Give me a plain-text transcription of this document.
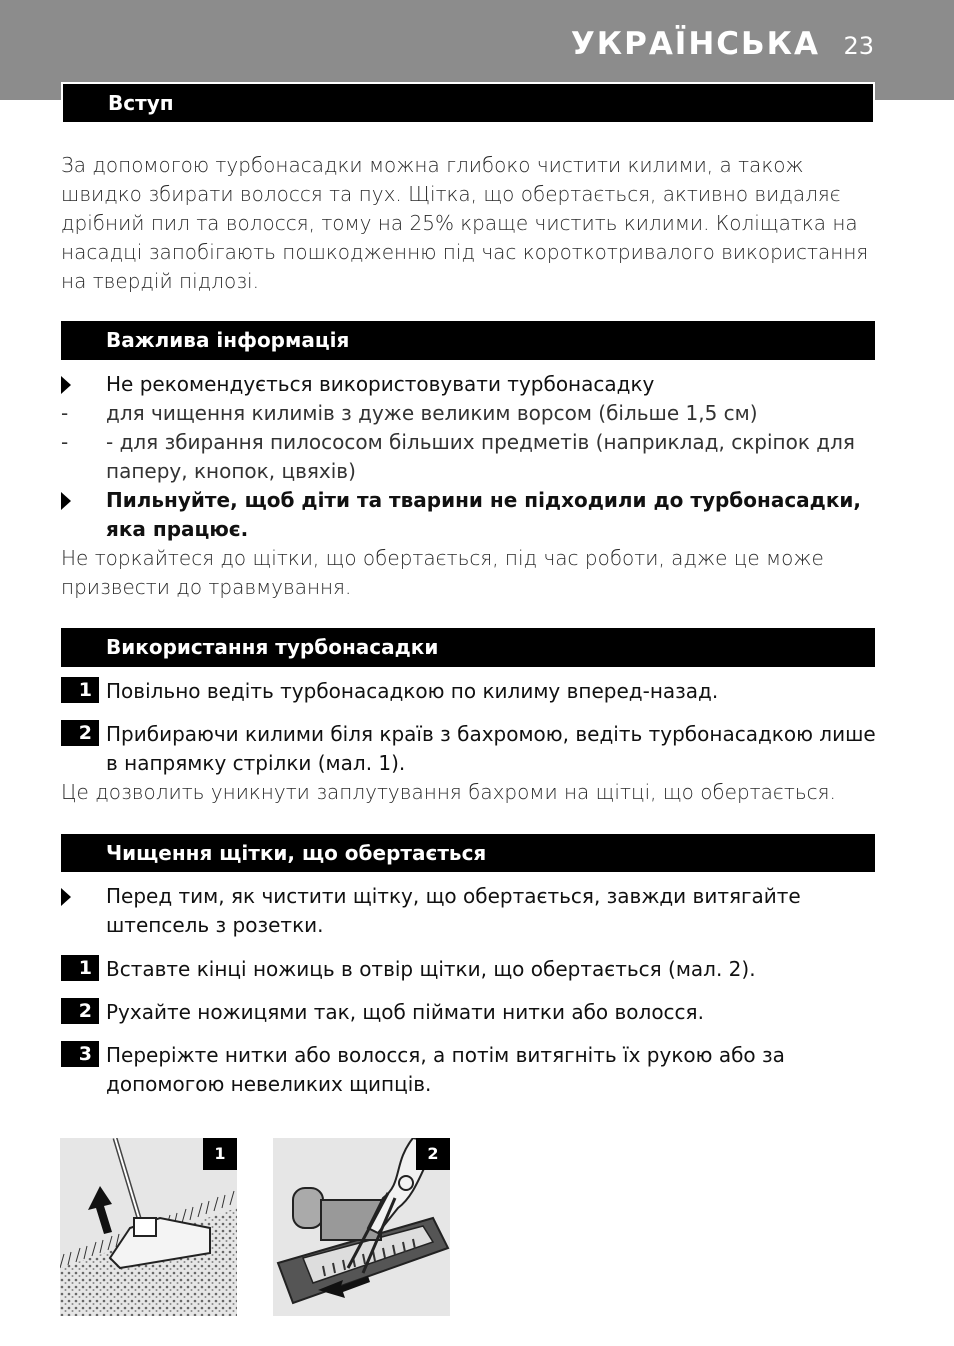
УКРАЇНСЬКА 23
Вступ
За допомогою турбонасадки можна глибоко чистити килими, а також швидко збирати волосся та пух. Щітка, що обертається, активно видаляє дрібний пил та волосся, тому на 25% краще чистить килими. Коліщатка на насадці запобігають пошкодженню під час короткотривалого використання на твердій підлозі.
Важлива інформація
Не рекомендується використовувати турбонасадку
-	для чищення килимів з дуже великим ворсом (більше 1,5 см)
-	- для збирання пилососом більших предметів (наприклад, скріпок для паперу, кнопок, цвяхів)
Пильнуйте, щоб діти та тварини не підходили до турбонасадки, яка працює.
Не торкайтеся до щітки, що обертається, під час роботи, адже це може призвести до травмування.
Використання турбонасадки
1 Повільно ведіть турбонасадкою по килиму вперед-назад.
2 Прибираючи килими біля країв з бахромою, ведіть турбонасадкою лише в напрямку стрілки (мал. 1).
Це дозволить уникнути заплутування бахроми на щітці, що обертається.
Чищення щітки, що обертається
Перед тим, як чистити щітку, що обертається, завжди витягайте штепсель з розетки.
1 Вставте кінці ножиць в отвір щітки, що обертається (мал. 2).
2 Рухайте ножицями так, щоб піймати нитки або волосся.
3 Переріжте нитки або волосся, а потім витягніть їх рукою або за допомогою невеликих щипців.
1	2
